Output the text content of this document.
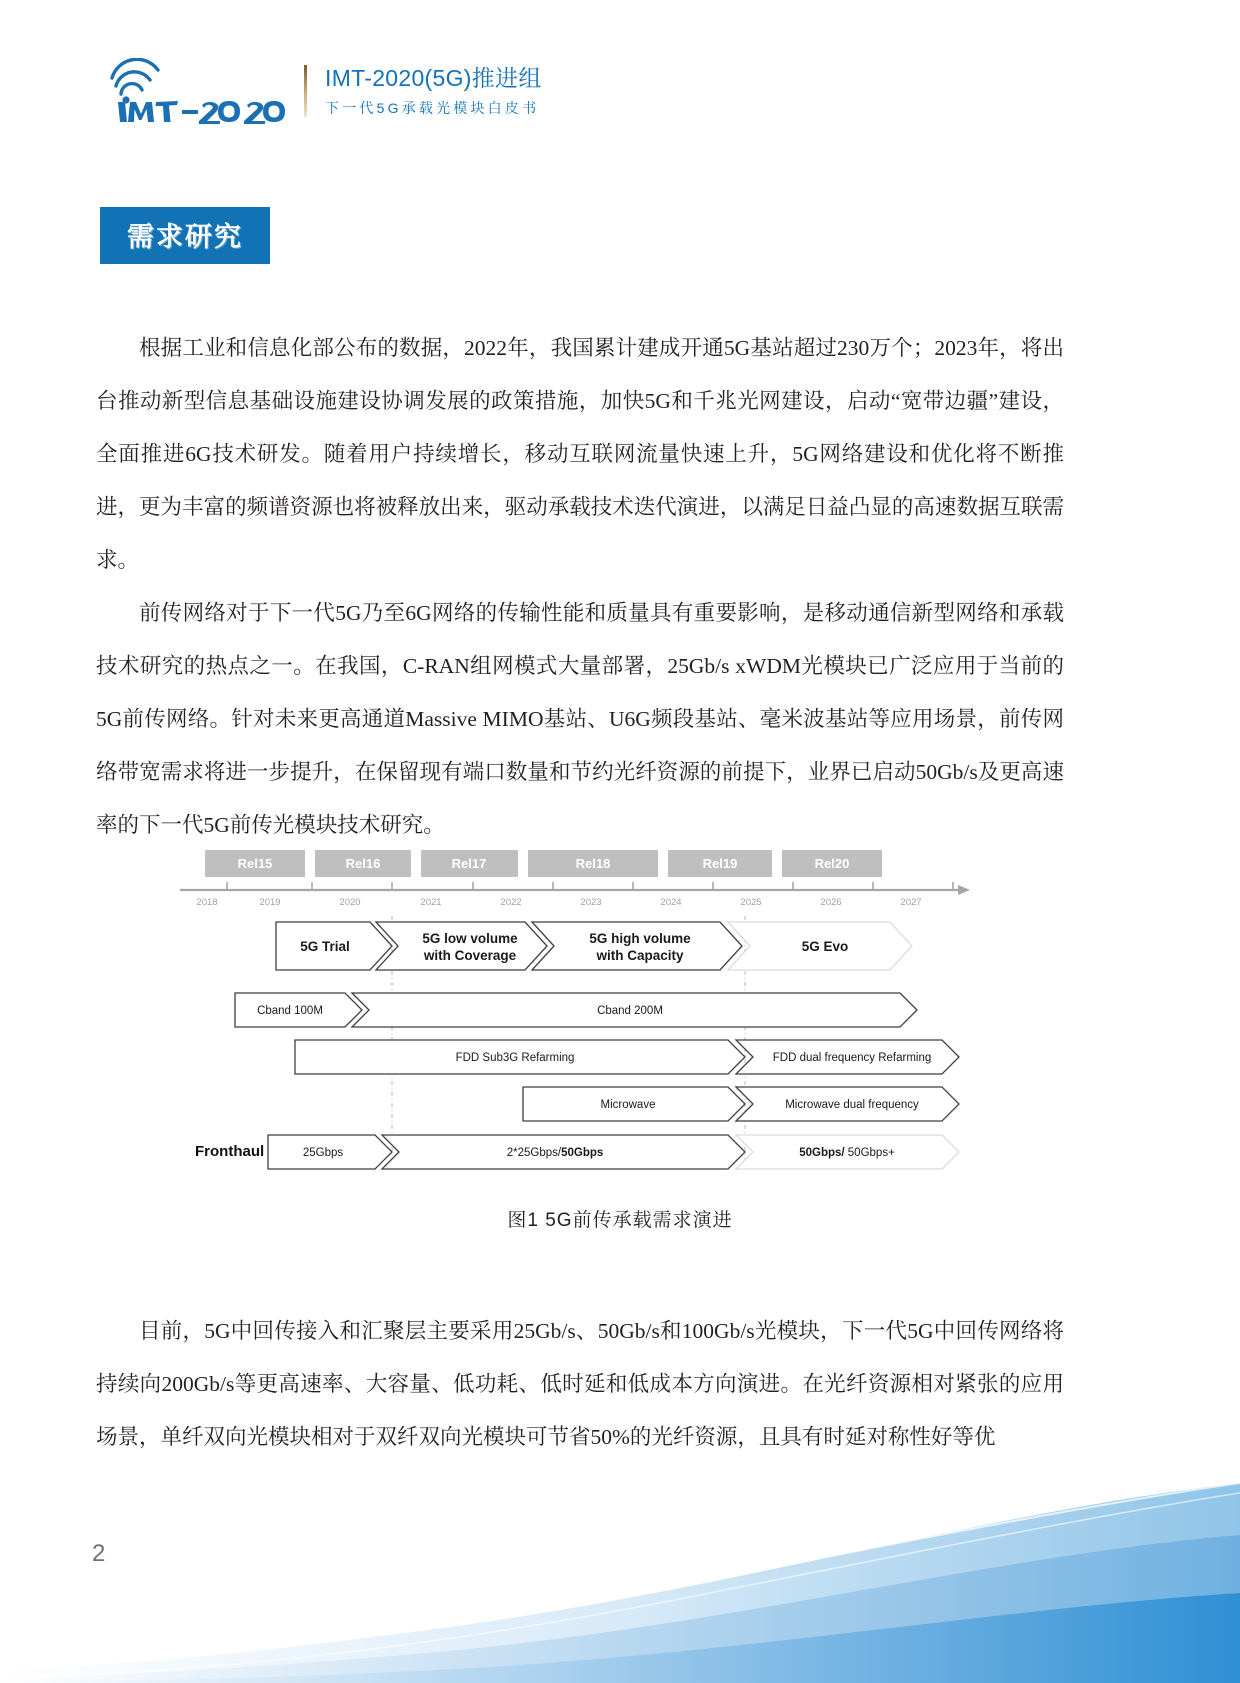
IMT-2020(5G)推进组
下一代5G承载光模块白皮书
需求研究

根据工业和信息化部公布的数据，2022年，我国累计建成开通5G基站超过230万个；2023年，将出台推动新型信息基础设施建设协调发展的政策措施，加快5G和千兆光网建设，启动“宽带边疆”建设，全面推进6G技术研发。随着用户持续增长，移动互联网流量快速上升，5G网络建设和优化将不断推进，更为丰富的频谱资源也将被释放出来，驱动承载技术迭代演进，以满足日益凸显的高速数据互联需求。

前传网络对于下一代5G乃至6G网络的传输性能和质量具有重要影响，是移动通信新型网络和承载技术研究的热点之一。在我国，C-RAN组网模式大量部署，25Gb/s xWDM光模块已广泛应用于当前的5G前传网络。针对未来更高通道Massive MIMO基站、U6G频段基站、毫米波基站等应用场景，前传网络带宽需求将进一步提升，在保留现有端口数量和节约光纤资源的前提下，业界已启动50Gb/s及更高速率的下一代5G前传光模块技术研究。

Rel15	Rel16	Rel17	Rel18	Rel19	Rel20
2018	2019	2020	2021	2022	2023	2024	2025	2026	2027
5G Trial
5G low volume
with Coverage
5G high volume
with Capacity
5G Evo
Cband 100M	Cband 200M
FDD Sub3G Refarming	FDD dual frequency Refarming
Microwave	Microwave dual frequency
Fronthaul	25Gbps	2*25Gbps/50Gbps	50Gbps/ 50Gbps+
图1 5G前传承载需求演进

目前，5G中回传接入和汇聚层主要采用25Gb/s、50Gb/s和100Gb/s光模块，下一代5G中回传网络将持续向200Gb/s等更高速率、大容量、低功耗、低时延和低成本方向演进。在光纤资源相对紧张的应用场景，单纤双向光模块相对于双纤双向光模块可节省50%的光纤资源，且具有时延对称性好等优

2
